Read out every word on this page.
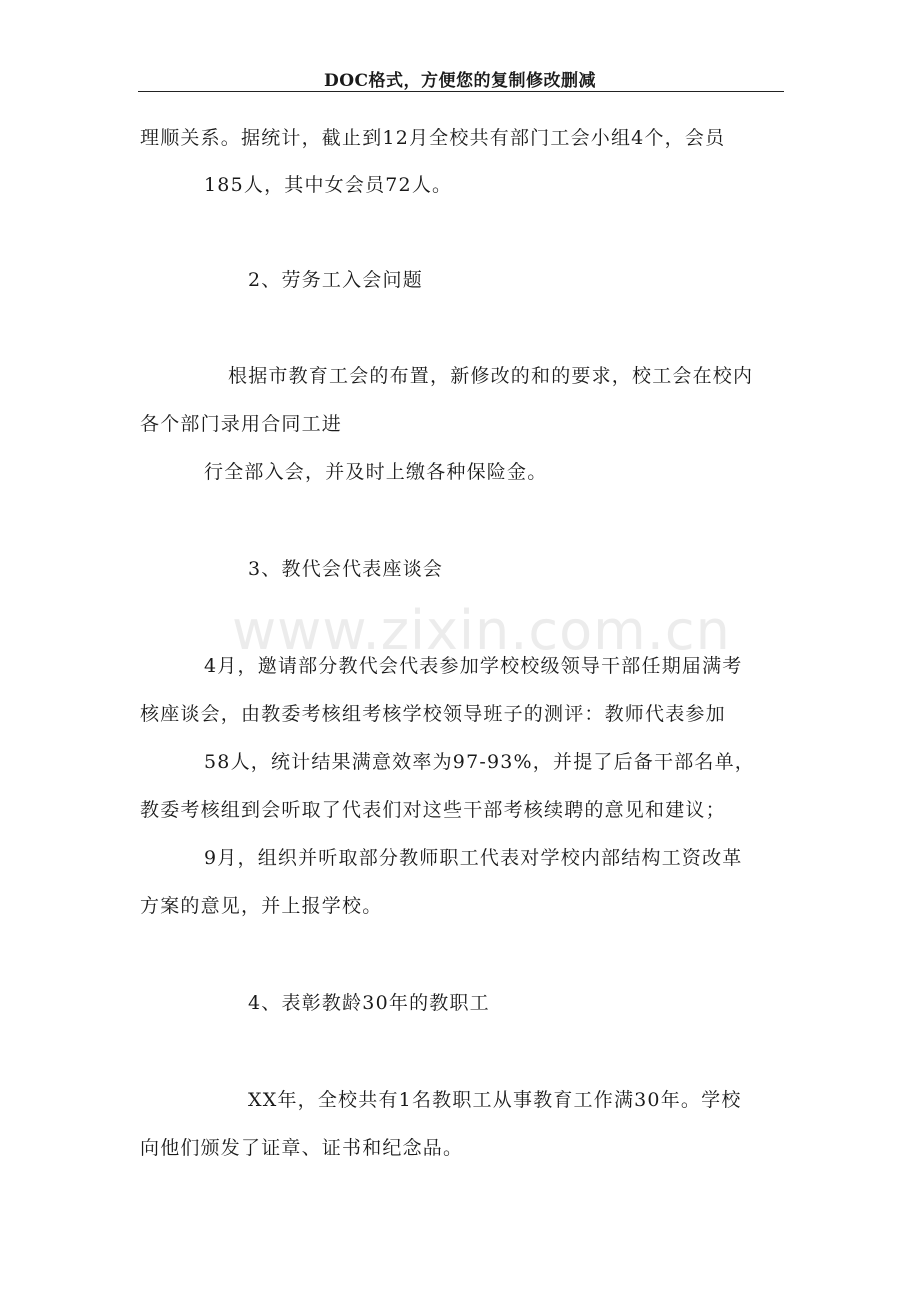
DOC格式，方便您的复制修改删减
www.zixin.com.cn
理顺关系。据统计，截止到12月全校共有部门工会小组4个，会员
185人，其中女会员72人。
2、劳务工入会问题
根据市教育工会的布置，新修改的和的要求，校工会在校内
各个部门录用合同工进
行全部入会，并及时上缴各种保险金。
3、教代会代表座谈会
4月，邀请部分教代会代表参加学校校级领导干部任期届满考
核座谈会，由教委考核组考核学校领导班子的测评：教师代表参加
58人，统计结果满意效率为97-93%，并提了后备干部名单，
教委考核组到会听取了代表们对这些干部考核续聘的意见和建议；
9月，组织并听取部分教师职工代表对学校内部结构工资改革
方案的意见，并上报学校。
4、表彰教龄30年的教职工
XX年，全校共有1名教职工从事教育工作满30年。学校
向他们颁发了证章、证书和纪念品。
